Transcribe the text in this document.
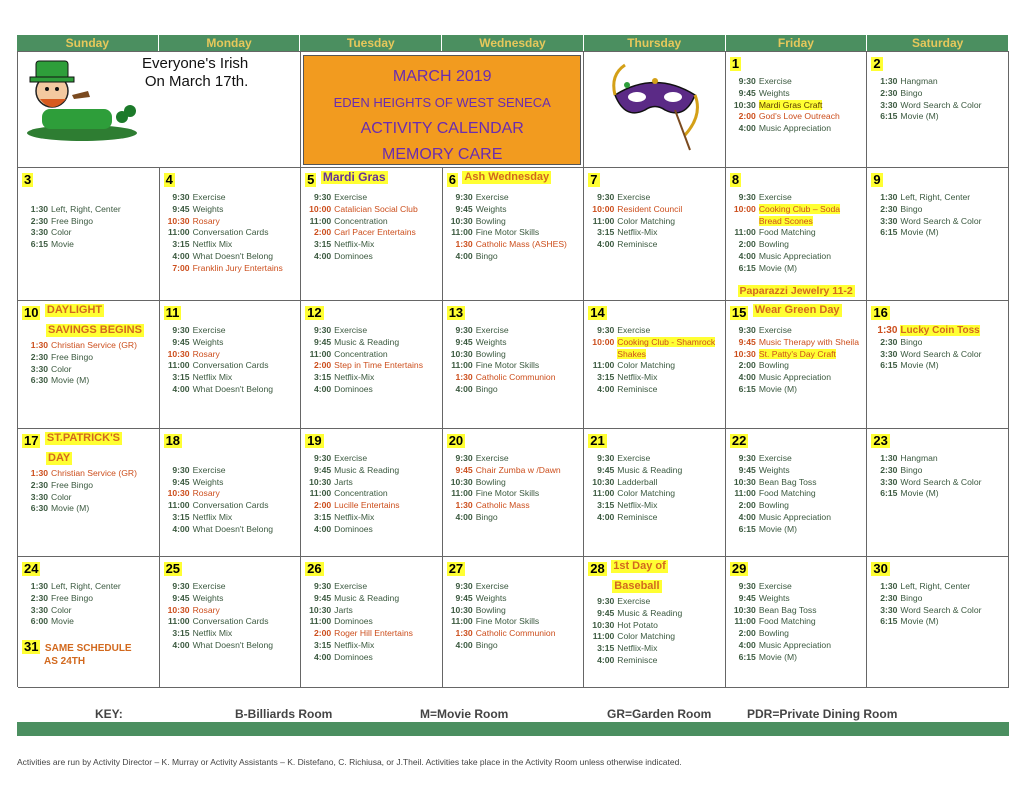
Sunday	Monday	Tuesday	Wednesday	Thursday	Friday	Saturday
Everyone's Irish
On March 17th.	MARCH 2019
EDEN HEIGHTS OF WEST SENECA
ACTIVITY CALENDAR
MEMORY CARE
1
9:30 Exercise
9:45 Weights
10:30 Mardi Gras Craft
2:00 God's Love Outreach
4:00 Music Appreciation
2
1:30 Hangman
2:30 Bingo
3:30 Word Search & Color
6:15 Movie (M)
3
1:30 Left, Right, Center
2:30 Free Bingo
3:30 Color
6:15 Movie
4
9:30 Exercise
9:45 Weights
10:30 Rosary
11:00 Conversation Cards
3:15 Netflix Mix
4:00 What Doesn't Belong
7:00 Franklin Jury Entertains
5 Mardi Gras
9:30 Exercise
10:00 Catalician Social Club
11:00 Concentration
2:00 Carl Pacer Entertains
3:15 Netflix-Mix
4:00 Dominoes
6 Ash Wednesday
9:30 Exercise
9:45 Weights
10:30 Bowling
11:00 Fine Motor Skills
1:30 Catholic Mass (ASHES)
4:00 Bingo
7
9:30 Exercise
10:00 Resident Council
11:00 Color Matching
3:15 Netflix-Mix
4:00 Reminisce
8
9:30 Exercise
10:00 Cooking Club – Soda Bread Scones
11:00 Food Matching
2:00 Bowling
4:00 Music Appreciation
6:15 Movie (M)
Paparazzi Jewelry 11-2
9
1:30 Left, Right, Center
2:30 Bingo
3:30 Word Search & Color
6:15 Movie (M)
10 DAYLIGHT
SAVINGS BEGINS
1:30 Christian Service (GR)
2:30 Free Bingo
3:30 Color
6:30 Movie (M)
11
9:30 Exercise
9:45 Weights
10:30 Rosary
11:00 Conversation Cards
3:15 Netflix Mix
4:00 What Doesn't Belong
12
9:30 Exercise
9:45 Music & Reading
11:00 Concentration
2:00 Step in Time Entertains
3:15 Netflix-Mix
4:00 Dominoes
13
9:30 Exercise
9:45 Weights
10:30 Bowling
11:00 Fine Motor Skills
1:30 Catholic Communion
4:00 Bingo
14
9:30 Exercise
10:00 Cooking Club - Shamrock Shakes
11:00 Color Matching
3:15 Netflix-Mix
4:00 Reminisce
15 Wear Green Day
9:30 Exercise
9:45 Music Therapy with Sheila
10:30 St. Patty's Day Craft
2:00 Bowling
4:00 Music Appreciation
6:15 Movie (M)
16
1:30 Lucky Coin Toss
2:30 Bingo
3:30 Word Search & Color
6:15 Movie (M)
17 ST.PATRICK'S
DAY
1:30 Christian Service (GR)
2:30 Free Bingo
3:30 Color
6:30 Movie (M)
18
9:30 Exercise
9:45 Weights
10:30 Rosary
11:00 Conversation Cards
3:15 Netflix Mix
4:00 What Doesn't Belong
19
9:30 Exercise
9:45 Music & Reading
10:30 Jarts
11:00 Concentration
2:00 Lucille Entertains
3:15 Netflix-Mix
4:00 Dominoes
20
9:30 Exercise
9:45 Chair Zumba w /Dawn
10:30 Bowling
11:00 Fine Motor Skills
1:30 Catholic Mass
4:00 Bingo
21
9:30 Exercise
9:45 Music & Reading
10:30 Ladderball
11:00 Color Matching
3:15 Netflix-Mix
4:00 Reminisce
22
9:30 Exercise
9:45 Weights
10:30 Bean Bag Toss
11:00 Food Matching
2:00 Bowling
4:00 Music Appreciation
6:15 Movie (M)
23
1:30 Hangman
2:30 Bingo
3:30 Word Search & Color
6:15 Movie (M)
24
1:30 Left, Right, Center
2:30 Free Bingo
3:30 Color
6:00 Movie
31 SAME SCHEDULE
AS 24TH
25
9:30 Exercise
9:45 Weights
10:30 Rosary
11:00 Conversation Cards
3:15 Netflix Mix
4:00 What Doesn't Belong
26
9:30 Exercise
9:45 Music & Reading
10:30 Jarts
11:00 Dominoes
2:00 Roger Hill Entertains
3:15 Netflix-Mix
4:00 Dominoes
27
9:30 Exercise
9:45 Weights
10:30 Bowling
11:00 Fine Motor Skills
1:30 Catholic Communion
4:00 Bingo
28 1st Day of
Baseball
9:30 Exercise
9:45 Music & Reading
10:30 Hot Potato
11:00 Color Matching
3:15 Netflix-Mix
4:00 Reminisce
29
9:30 Exercise
9:45 Weights
10:30 Bean Bag Toss
11:00 Food Matching
2:00 Bowling
4:00 Music Appreciation
6:15 Movie (M)
30
1:30 Left, Right, Center
2:30 Bingo
3:30 Word Search & Color
6:15 Movie (M)
KEY:	B-Billiards Room	M=Movie Room	GR=Garden Room	PDR=Private Dining Room
Activities are run by Activity Director – K. Murray or Activity Assistants – K. Distefano, C. Richiusa, or J.Theil. Activities take place in the Activity Room unless otherwise indicated.
